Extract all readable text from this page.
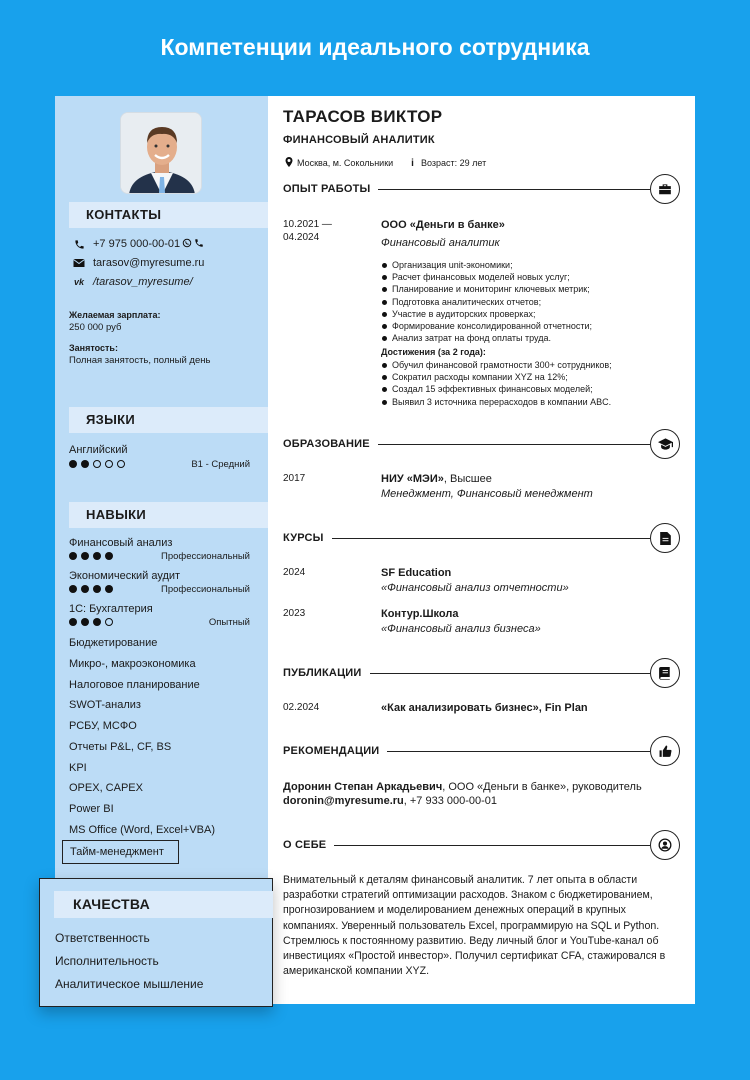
Компетенции идеального сотрудника
КОНТАКТЫ
+7 975 000-00-01
tarasov@myresume.ru
vk /tarasov_myresume/
Желаемая зарплата:
250 000 руб
Занятость:
Полная занятость, полный день
ЯЗЫКИ
Английский
B1 - Средний
НАВЫКИ
Финансовый анализ
Профессиональный
Экономический аудит
Профессиональный
1С: Бухгалтерия
Опытный
Бюджетирование
Микро-, макроэкономика
Налоговое планирование
SWOT-анализ
РСБУ, МСФО
Отчеты P&L, CF, BS
KPI
OPEX, CAPEX
Power BI
MS Office (Word, Excel+VBA)
Тайм-менеджмент
ТАРАСОВ ВИКТОР
ФИНАНСОВЫЙ АНАЛИТИК
Москва, м. Сокольники i Возраст: 29 лет
ОПЫТ РАБОТЫ
10.2021 —
04.2024
ООО «Деньги в банке»
Финансовый аналитик
Организация unit-экономики;
Расчет финансовых моделей новых услуг;
Планирование и мониторинг ключевых метрик;
Подготовка аналитических отчетов;
Участие в аудиторских проверках;
Формирование консолидированной отчетности;
Анализ затрат на фонд оплаты труда.
Достижения (за 2 года):
Обучил финансовой грамотности 300+ сотрудников;
Сократил расходы компании XYZ на 12%;
Создал 15 эффективных финансовых моделей;
Выявил 3 источника перерасходов в компании ABC.
ОБРАЗОВАНИЕ
2017	НИУ «МЭИ», Высшее
Менеджмент, Финансовый менеджмент
КУРСЫ
2024	SF Education
«Финансовый анализ отчетности»
2023	Контур.Школа
«Финансовый анализ бизнеса»
ПУБЛИКАЦИИ
02.2024	«Как анализировать бизнес», Fin Plan
РЕКОМЕНДАЦИИ
Доронин Степан Аркадьевич, ООО «Деньги в банке», руководитель
doronin@myresume.ru, +7 933 000-00-01
О СЕБЕ
Внимательный к деталям финансовый аналитик. 7 лет опыта в области разработки стратегий оптимизации расходов. Знаком с бюджетированием, прогнозированием и моделированием денежных операций в крупных компаниях. Уверенный пользователь Excel, программирую на SQL и Python. Стремлюсь к постоянному развитию. Веду личный блог и YouTube-канал об инвестициях «Простой инвестор». Получил сертификат CFA, стажировался в американской компании XYZ.
КАЧЕСТВА
Ответственность
Исполнительность
Аналитическое мышление
